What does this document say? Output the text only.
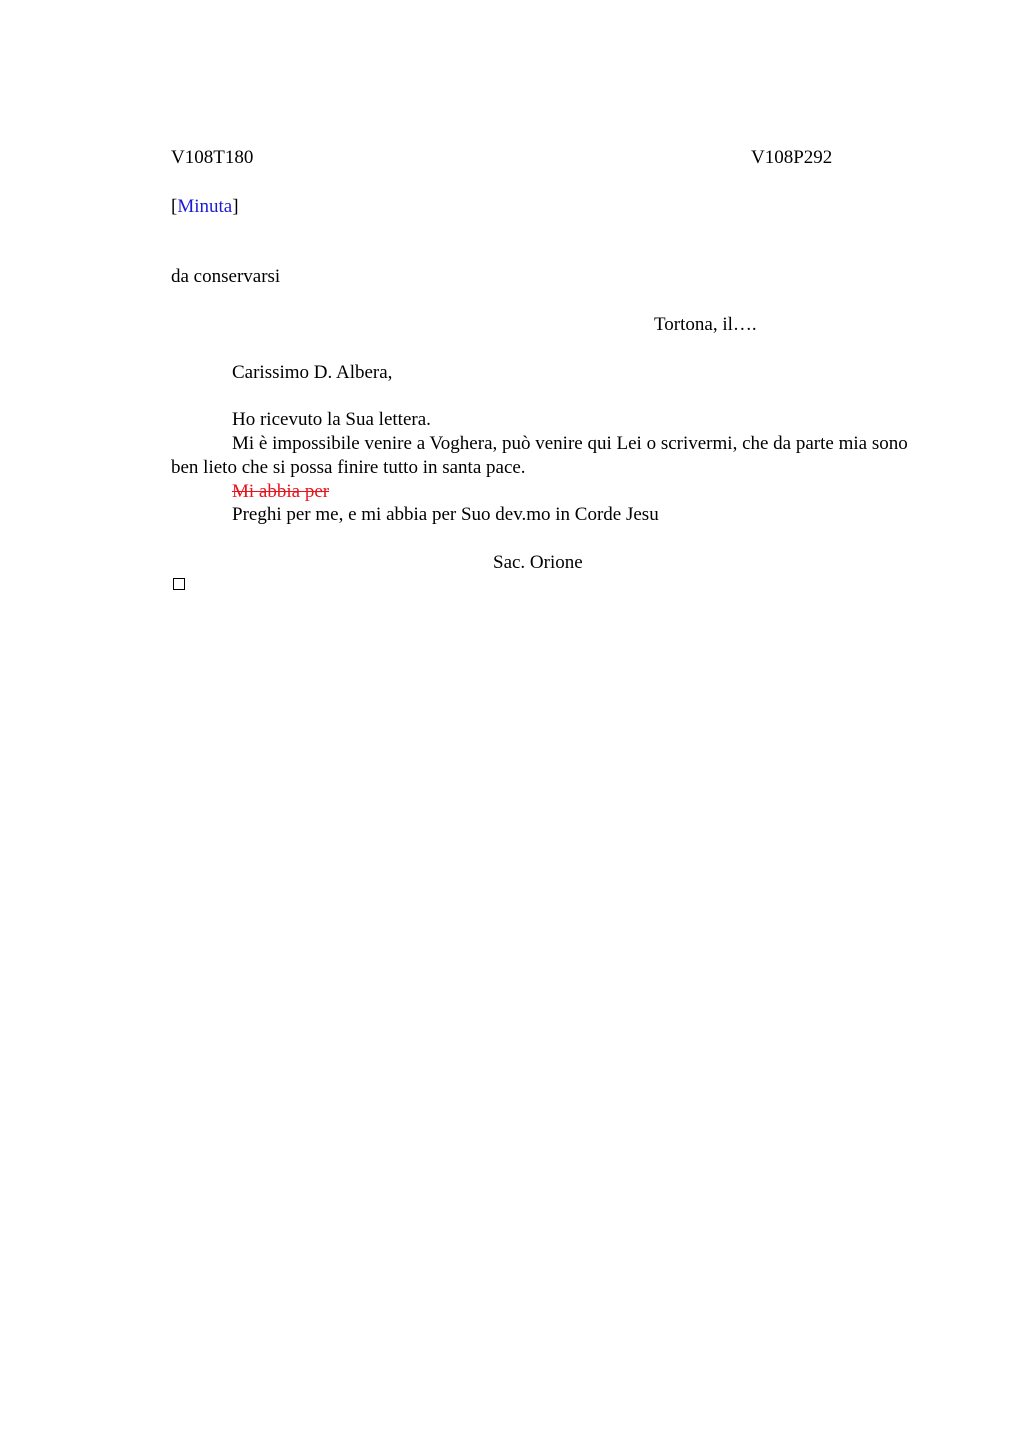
V108T180	V108P292
[Minuta]
da conservarsi
Tortona, il….
Carissimo D. Albera,
Ho ricevuto la Sua lettera.
Mi è impossibile venire a Voghera, può venire qui Lei o scrivermi, che da parte mia sono ben lieto che si possa finire tutto in santa pace.
Mi abbia per
Preghi per me, e mi abbia per Suo dev.mo in Corde Jesu
Sac. Orione
